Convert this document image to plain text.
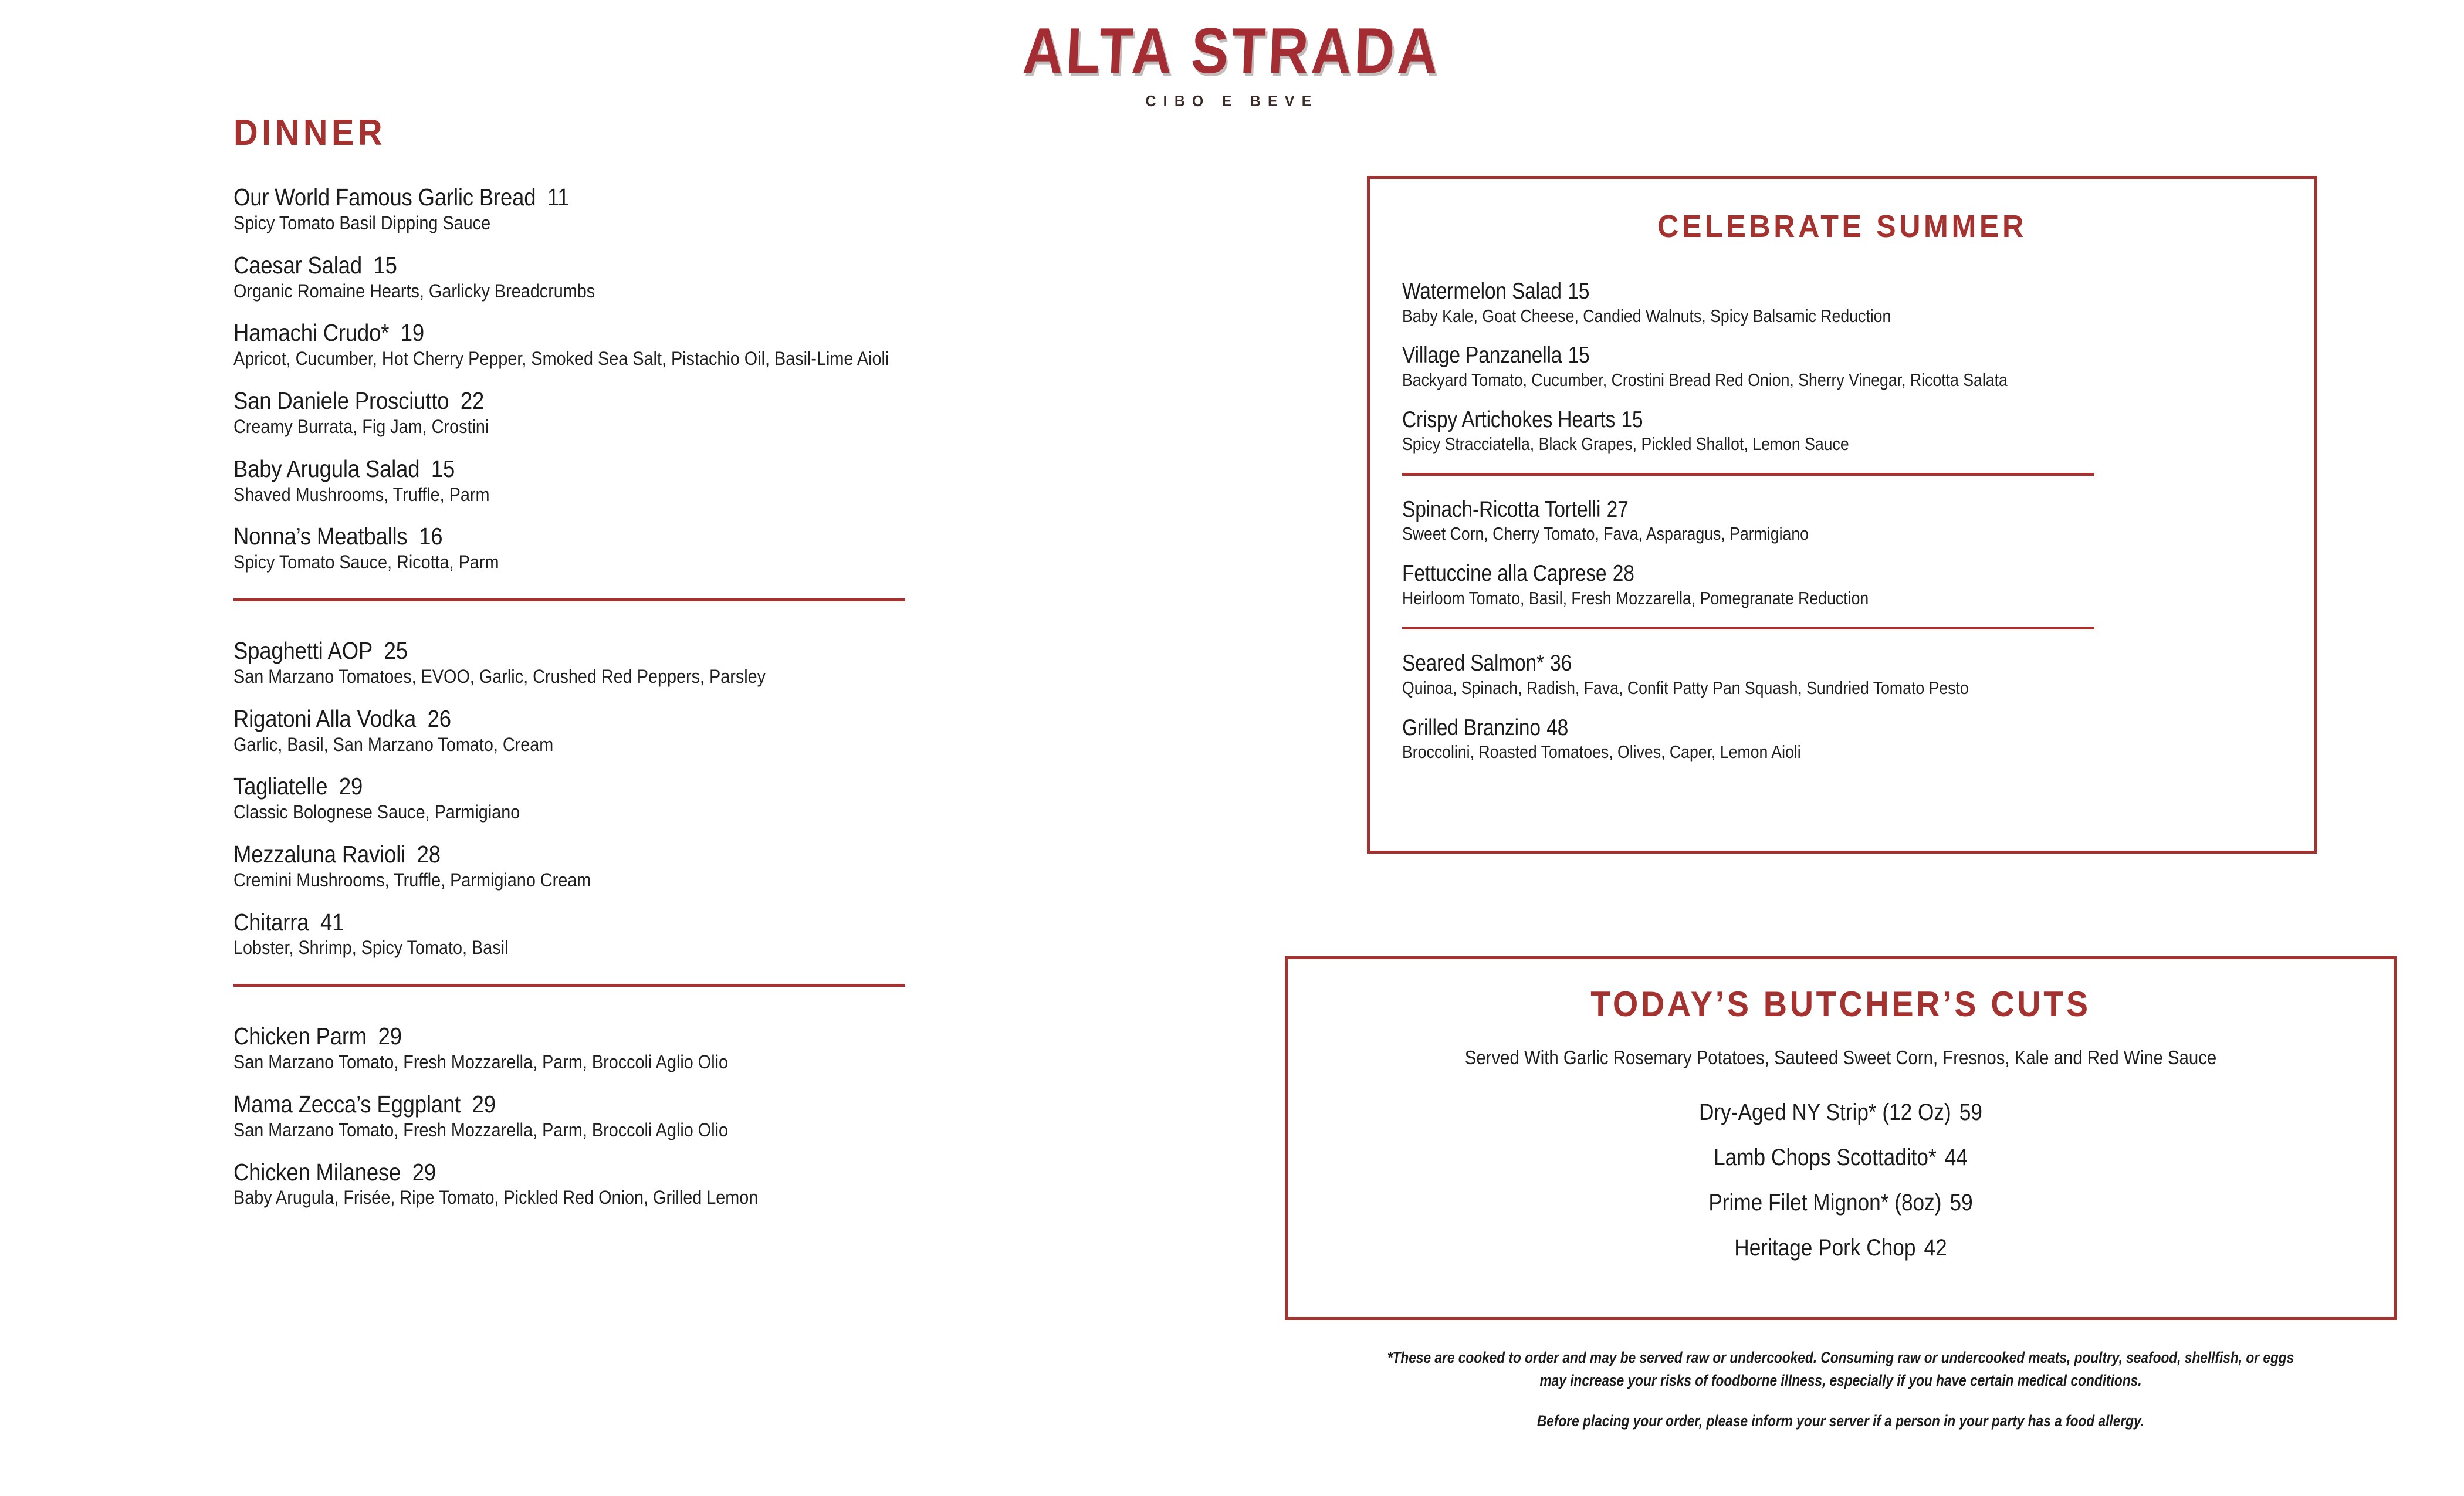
ALTA STRADA
CIBO E BEVE
DINNER
Our World Famous Garlic Bread 11
Spicy Tomato Basil Dipping Sauce
Caesar Salad 15
Organic Romaine Hearts, Garlicky Breadcrumbs
Hamachi Crudo* 19
Apricot, Cucumber, Hot Cherry Pepper, Smoked Sea Salt, Pistachio Oil, Basil-Lime Aioli
San Daniele Prosciutto 22
Creamy Burrata, Fig Jam, Crostini
Baby Arugula Salad 15
Shaved Mushrooms, Truffle, Parm
Nonna’s Meatballs 16
Spicy Tomato Sauce, Ricotta, Parm
Spaghetti AOP 25
San Marzano Tomatoes, EVOO, Garlic, Crushed Red Peppers, Parsley
Rigatoni Alla Vodka 26
Garlic, Basil, San Marzano Tomato, Cream
Tagliatelle 29
Classic Bolognese Sauce, Parmigiano
Mezzaluna Ravioli 28
Cremini Mushrooms, Truffle, Parmigiano Cream
Chitarra 41
Lobster, Shrimp, Spicy Tomato, Basil
Chicken Parm 29
San Marzano Tomato, Fresh Mozzarella, Parm, Broccoli Aglio Olio
Mama Zecca’s Eggplant 29
San Marzano Tomato, Fresh Mozzarella, Parm, Broccoli Aglio Olio
Chicken Milanese 29
Baby Arugula, Frisée, Ripe Tomato, Pickled Red Onion, Grilled Lemon
CELEBRATE SUMMER
Watermelon Salad 15
Baby Kale, Goat Cheese, Candied Walnuts, Spicy Balsamic Reduction
Village Panzanella 15
Backyard Tomato, Cucumber, Crostini Bread Red Onion, Sherry Vinegar, Ricotta Salata
Crispy Artichokes Hearts 15
Spicy Stracciatella, Black Grapes, Pickled Shallot, Lemon Sauce
Spinach-Ricotta Tortelli 27
Sweet Corn, Cherry Tomato, Fava, Asparagus, Parmigiano
Fettuccine alla Caprese 28
Heirloom Tomato, Basil, Fresh Mozzarella, Pomegranate Reduction
Seared Salmon* 36
Quinoa, Spinach, Radish, Fava, Confit Patty Pan Squash, Sundried Tomato Pesto
Grilled Branzino 48
Broccolini, Roasted Tomatoes, Olives, Caper, Lemon Aioli
TODAY’S BUTCHER’S CUTS
Served With Garlic Rosemary Potatoes, Sauteed Sweet Corn, Fresnos, Kale and Red Wine Sauce
Dry-Aged NY Strip* (12 Oz) 59
Lamb Chops Scottadito* 44
Prime Filet Mignon* (8oz) 59
Heritage Pork Chop 42
*These are cooked to order and may be served raw or undercooked. Consuming raw or undercooked meats, poultry, seafood, shellfish, or eggs may increase your risks of foodborne illness, especially if you have certain medical conditions.
Before placing your order, please inform your server if a person in your party has a food allergy.
